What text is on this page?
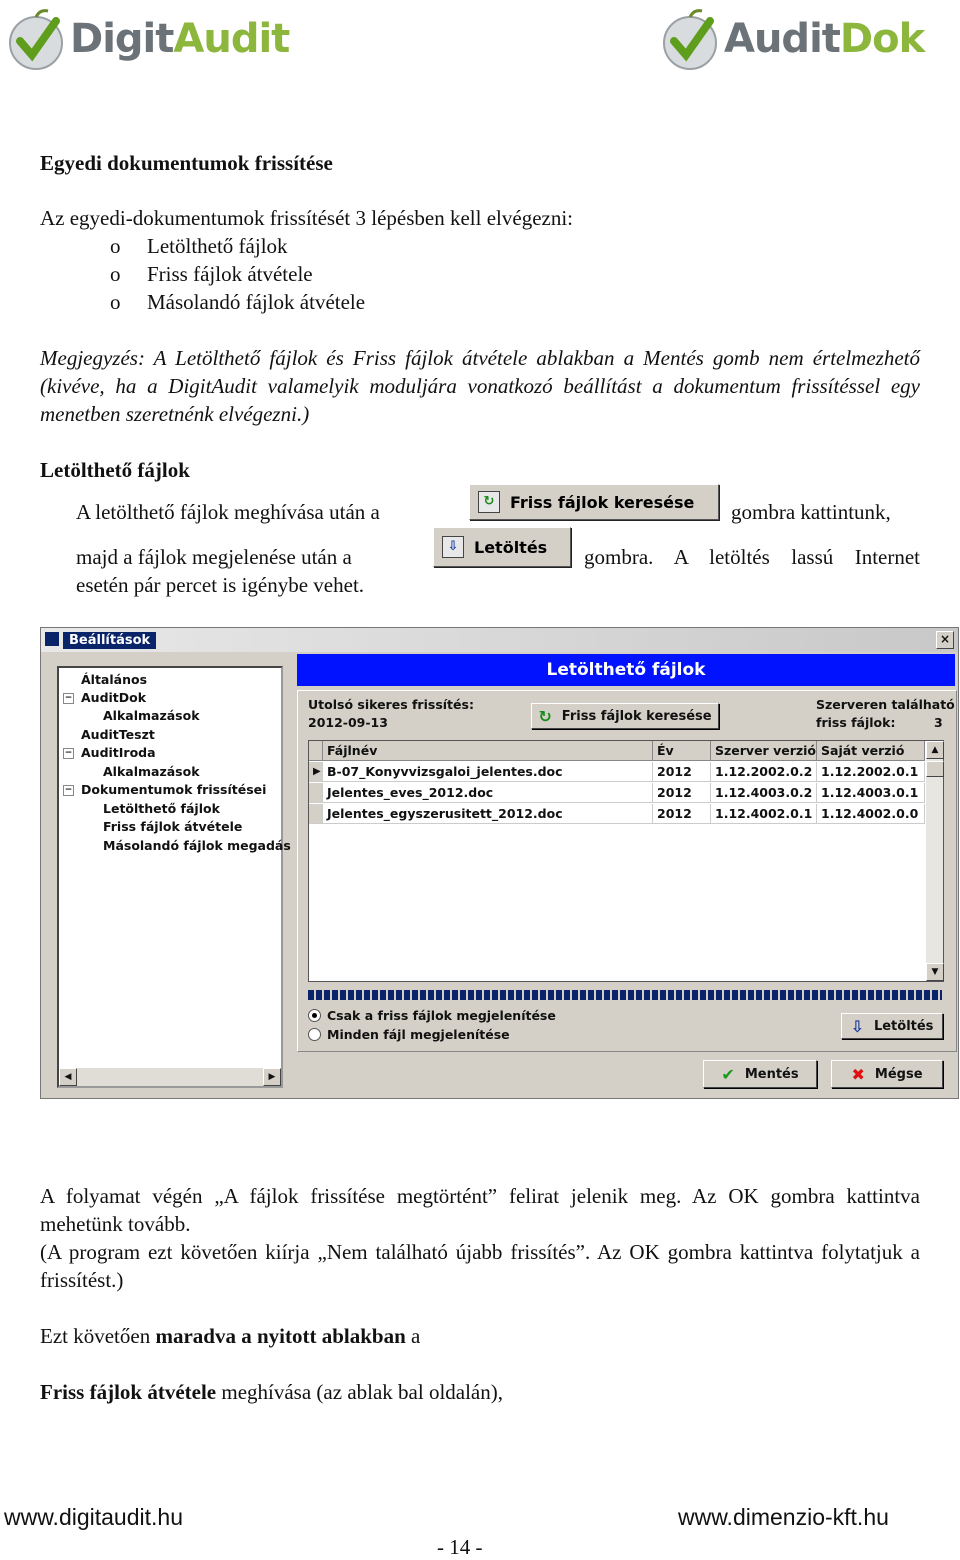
DigitAudit	AuditDok
Egyedi dokumentumok frissítése
Az egyedi-dokumentumok frissítését 3 lépésben kell elvégezni:
o Letölthető fájlok
o Friss fájlok átvétele
o Másolandó fájlok átvétele
Megjegyzés: A Letölthető fájlok és Friss fájlok átvétele ablakban a Mentés gomb nem értelmezhető (kivéve, ha a DigitAudit valamelyik moduljára vonatkozó beállítást a dokumentum frissítéssel egy menetben szeretnénk elvégezni.)
Letölthető fájlok
A letölthető fájlok meghívása után a	↻ Friss fájlok keresése gombra kattintunk,
majd a fájlok megjelenése után a	⇩ Letöltés gombra. A letöltés lassú Internet
esetén pár percet is igénybe vehet.
Beállítások	×
Általános
− AuditDok
Alkalmazások
AuditTeszt
− AuditIroda
Alkalmazások
− Dokumentumok frissítései
Letölthető fájlok
Friss fájlok átvétele
Másolandó fájlok megadás
◀	▶
Letölthető fájlok
Utolsó sikeres frissítés:
2012-09-13	↻ Friss fájlok keresése
Szerveren található
friss fájlok:	3
Fájlnév	Év	Szerver verzió Saját verzió
▶ B-07_Konyvvizsgaloi_jelentes.doc	2012	1.12.2002.0.2 1.12.2002.0.1
Jelentes_eves_2012.doc	2012	1.12.4003.0.2 1.12.4003.0.1
Jelentes_egyszerusitett_2012.doc	2012	1.12.4002.0.1 1.12.4002.0.0
▲
▼
Csak a friss fájlok megjelenítése
Minden fájl megjelenítése	⇩ Letöltés
✔ Mentés	✖ Mégse
A folyamat végén „A fájlok frissítése megtörtént” felirat jelenik meg. Az OK gombra kattintva mehetünk tovább.
(A program ezt követően kiírja „Nem található újabb frissítés”. Az OK gombra kattintva folytatjuk a frissítést.)
Ezt követően maradva a nyitott ablakban a
Friss fájlok átvétele meghívása (az ablak bal oldalán),
www.digitaudit.hu
- 14 -
www.dimenzio-kft.hu
